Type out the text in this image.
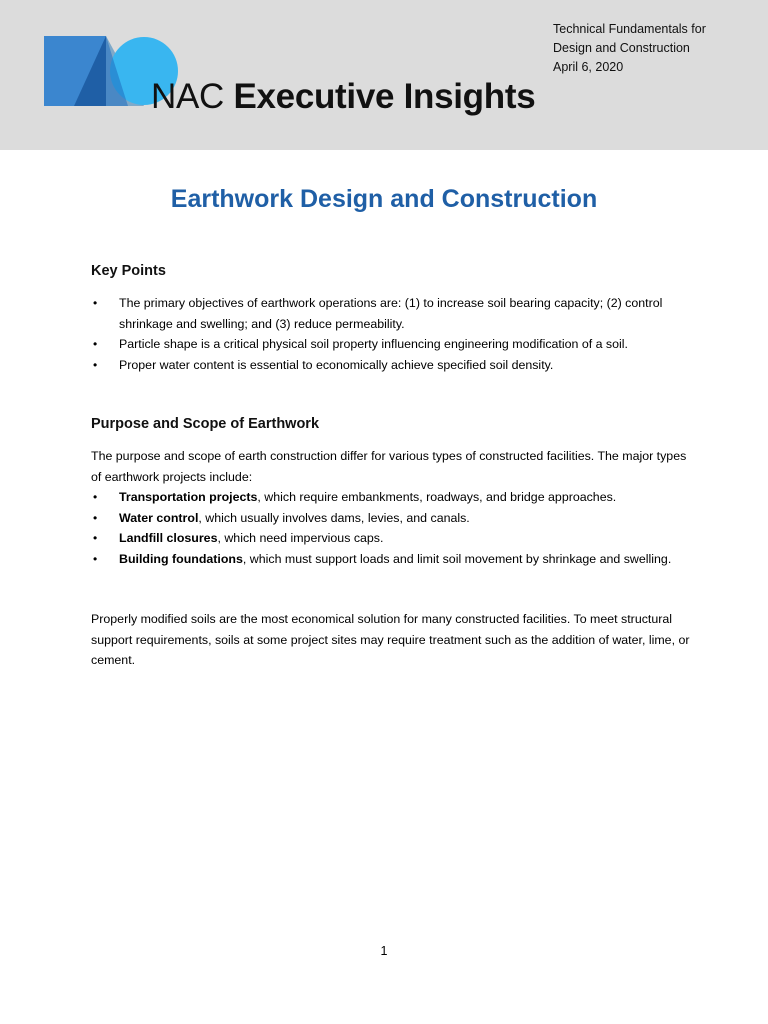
NAC Executive Insights
Technical Fundamentals for
Design and Construction
April 6, 2020
Earthwork Design and Construction
Key Points
• The primary objectives of earthwork operations are: (1) to increase soil bearing capacity; (2) control shrinkage and swelling; and (3) reduce permeability.
• Particle shape is a critical physical soil property influencing engineering modification of a soil.
• Proper water content is essential to economically achieve specified soil density.
Purpose and Scope of Earthwork

The purpose and scope of earth construction differ for various types of constructed facilities. The major types of earthwork projects include:

• Transportation projects, which require embankments, roadways, and bridge approaches.
• Water control, which usually involves dams, levies, and canals.
• Landfill closures, which need impervious caps.
• Building foundations, which must support loads and limit soil movement by shrinkage and swelling.

Properly modified soils are the most economical solution for many constructed facilities. To meet structural support requirements, soils at some project sites may require treatment such as the addition of water, lime, or cement.

1
